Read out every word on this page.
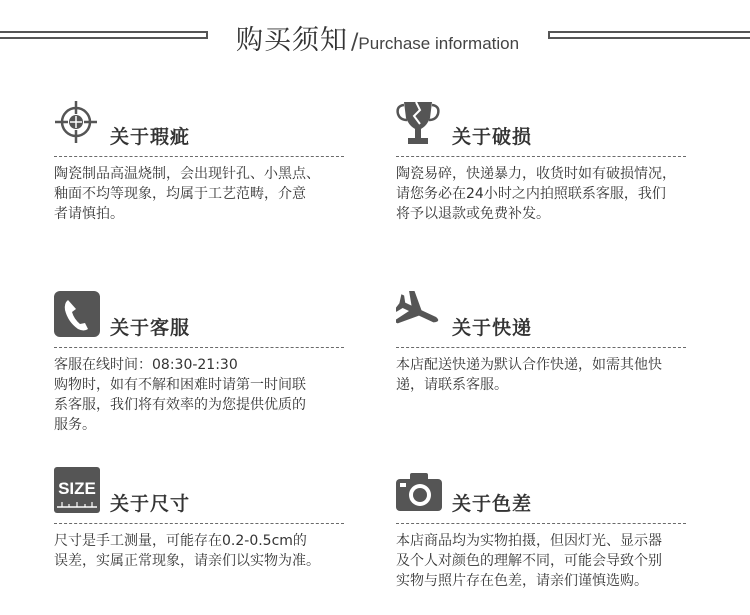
购买须知 /Purchase information
关于瑕疵
陶瓷制品高温烧制，会出现针孔、小黑点、
釉面不均等现象，均属于工艺范畴，介意
者请慎拍。
关于破损
陶瓷易碎，快递暴力，收货时如有破损情况，
请您务必在24小时之内拍照联系客服，我们
将予以退款或免费补发。
关于客服
客服在线时间：08:30-21:30
购物时，如有不解和困难时请第一时间联
系客服，我们将有效率的为您提供优质的
服务。
关于快递
本店配送快递为默认合作快递，如需其他快
递，请联系客服。
SIZE
关于尺寸
尺寸是手工测量，可能存在0.2-0.5cm的
误差，实属正常现象，请亲们以实物为准。
关于色差
本店商品均为实物拍摄，但因灯光、显示器
及个人对颜色的理解不同，可能会导致个别
实物与照片存在色差，请亲们谨慎选购。
